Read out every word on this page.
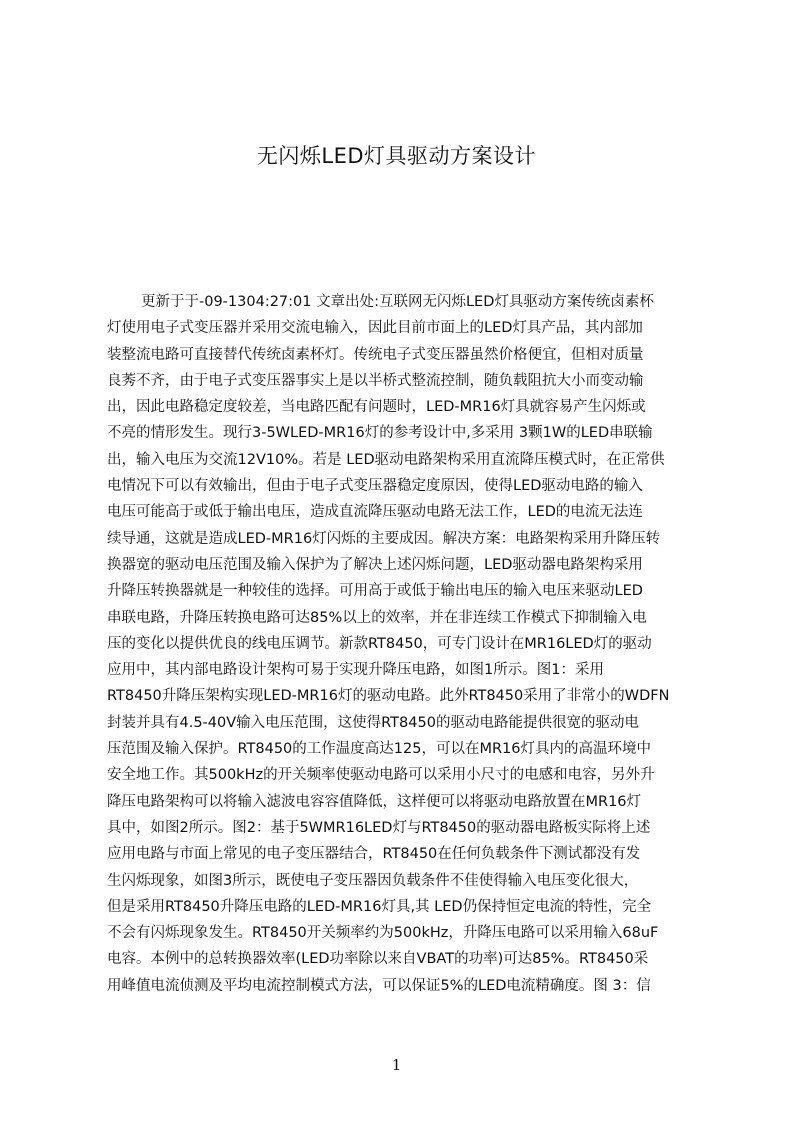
无闪烁LED灯具驱动方案设计
更新于于-09-1304:27:01 文章出处:互联网无闪烁LED灯具驱动方案传统卤素杯
灯使用电子式变压器并采用交流电输入，因此目前市面上的LED灯具产品，其内部加
装整流电路可直接替代传统卤素杯灯。传统电子式变压器虽然价格便宜，但相对质量
良莠不齐，由于电子式变压器事实上是以半桥式整流控制，随负载阻抗大小而变动输
出，因此电路稳定度较差，当电路匹配有问题时，LED-MR16灯具就容易产生闪烁或
不亮的情形发生。现行3-5WLED-MR16灯的参考设计中,多采用 3颗1W的LED串联输
出，输入电压为交流12V10%。若是 LED驱动电路架构采用直流降压模式时，在正常供
电情况下可以有效输出，但由于电子式变压器稳定度原因，使得LED驱动电路的输入
电压可能高于或低于输出电压，造成直流降压驱动电路无法工作，LED的电流无法连
续导通，这就是造成LED-MR16灯闪烁的主要成因。解决方案：电路架构采用升降压转
换器宽的驱动电压范围及输入保护为了解决上述闪烁问题，LED驱动器电路架构采用
升降压转换器就是一种较佳的选择。可用高于或低于输出电压的输入电压来驱动LED
串联电路，升降压转换电路可达85%以上的效率，并在非连续工作模式下抑制输入电
压的变化以提供优良的线电压调节。新款RT8450，可专门设计在MR16LED灯的驱动
应用中，其内部电路设计架构可易于实现升降压电路，如图1所示。图1：采用
RT8450升降压架构实现LED-MR16灯的驱动电路。此外RT8450采用了非常小的WDFN
封装并具有4.5-40V输入电压范围，这使得RT8450的驱动电路能提供很宽的驱动电
压范围及输入保护。RT8450的工作温度高达125，可以在MR16灯具内的高温环境中
安全地工作。其500kHz的开关频率使驱动电路可以采用小尺寸的电感和电容，另外升
降压电路架构可以将输入滤波电容容值降低，这样便可以将驱动电路放置在MR16灯
具中，如图2所示。图2：基于5WMR16LED灯与RT8450的驱动器电路板实际将上述
应用电路与市面上常见的电子变压器结合，RT8450在任何负载条件下测试都没有发
生闪烁现象，如图3所示，既使电子变压器因负载条件不佳使得输入电压变化很大，
但是采用RT8450升降压电路的LED-MR16灯具,其 LED仍保持恒定电流的特性，完全
不会有闪烁现象发生。RT8450开关频率约为500kHz，升降压电路可以采用输入68uF
电容。本例中的总转换器效率(LED功率除以来自VBAT的功率)可达85%。RT8450采
用峰值电流侦测及平均电流控制模式方法，可以保证5%的LED电流精确度。图 3：信
1
